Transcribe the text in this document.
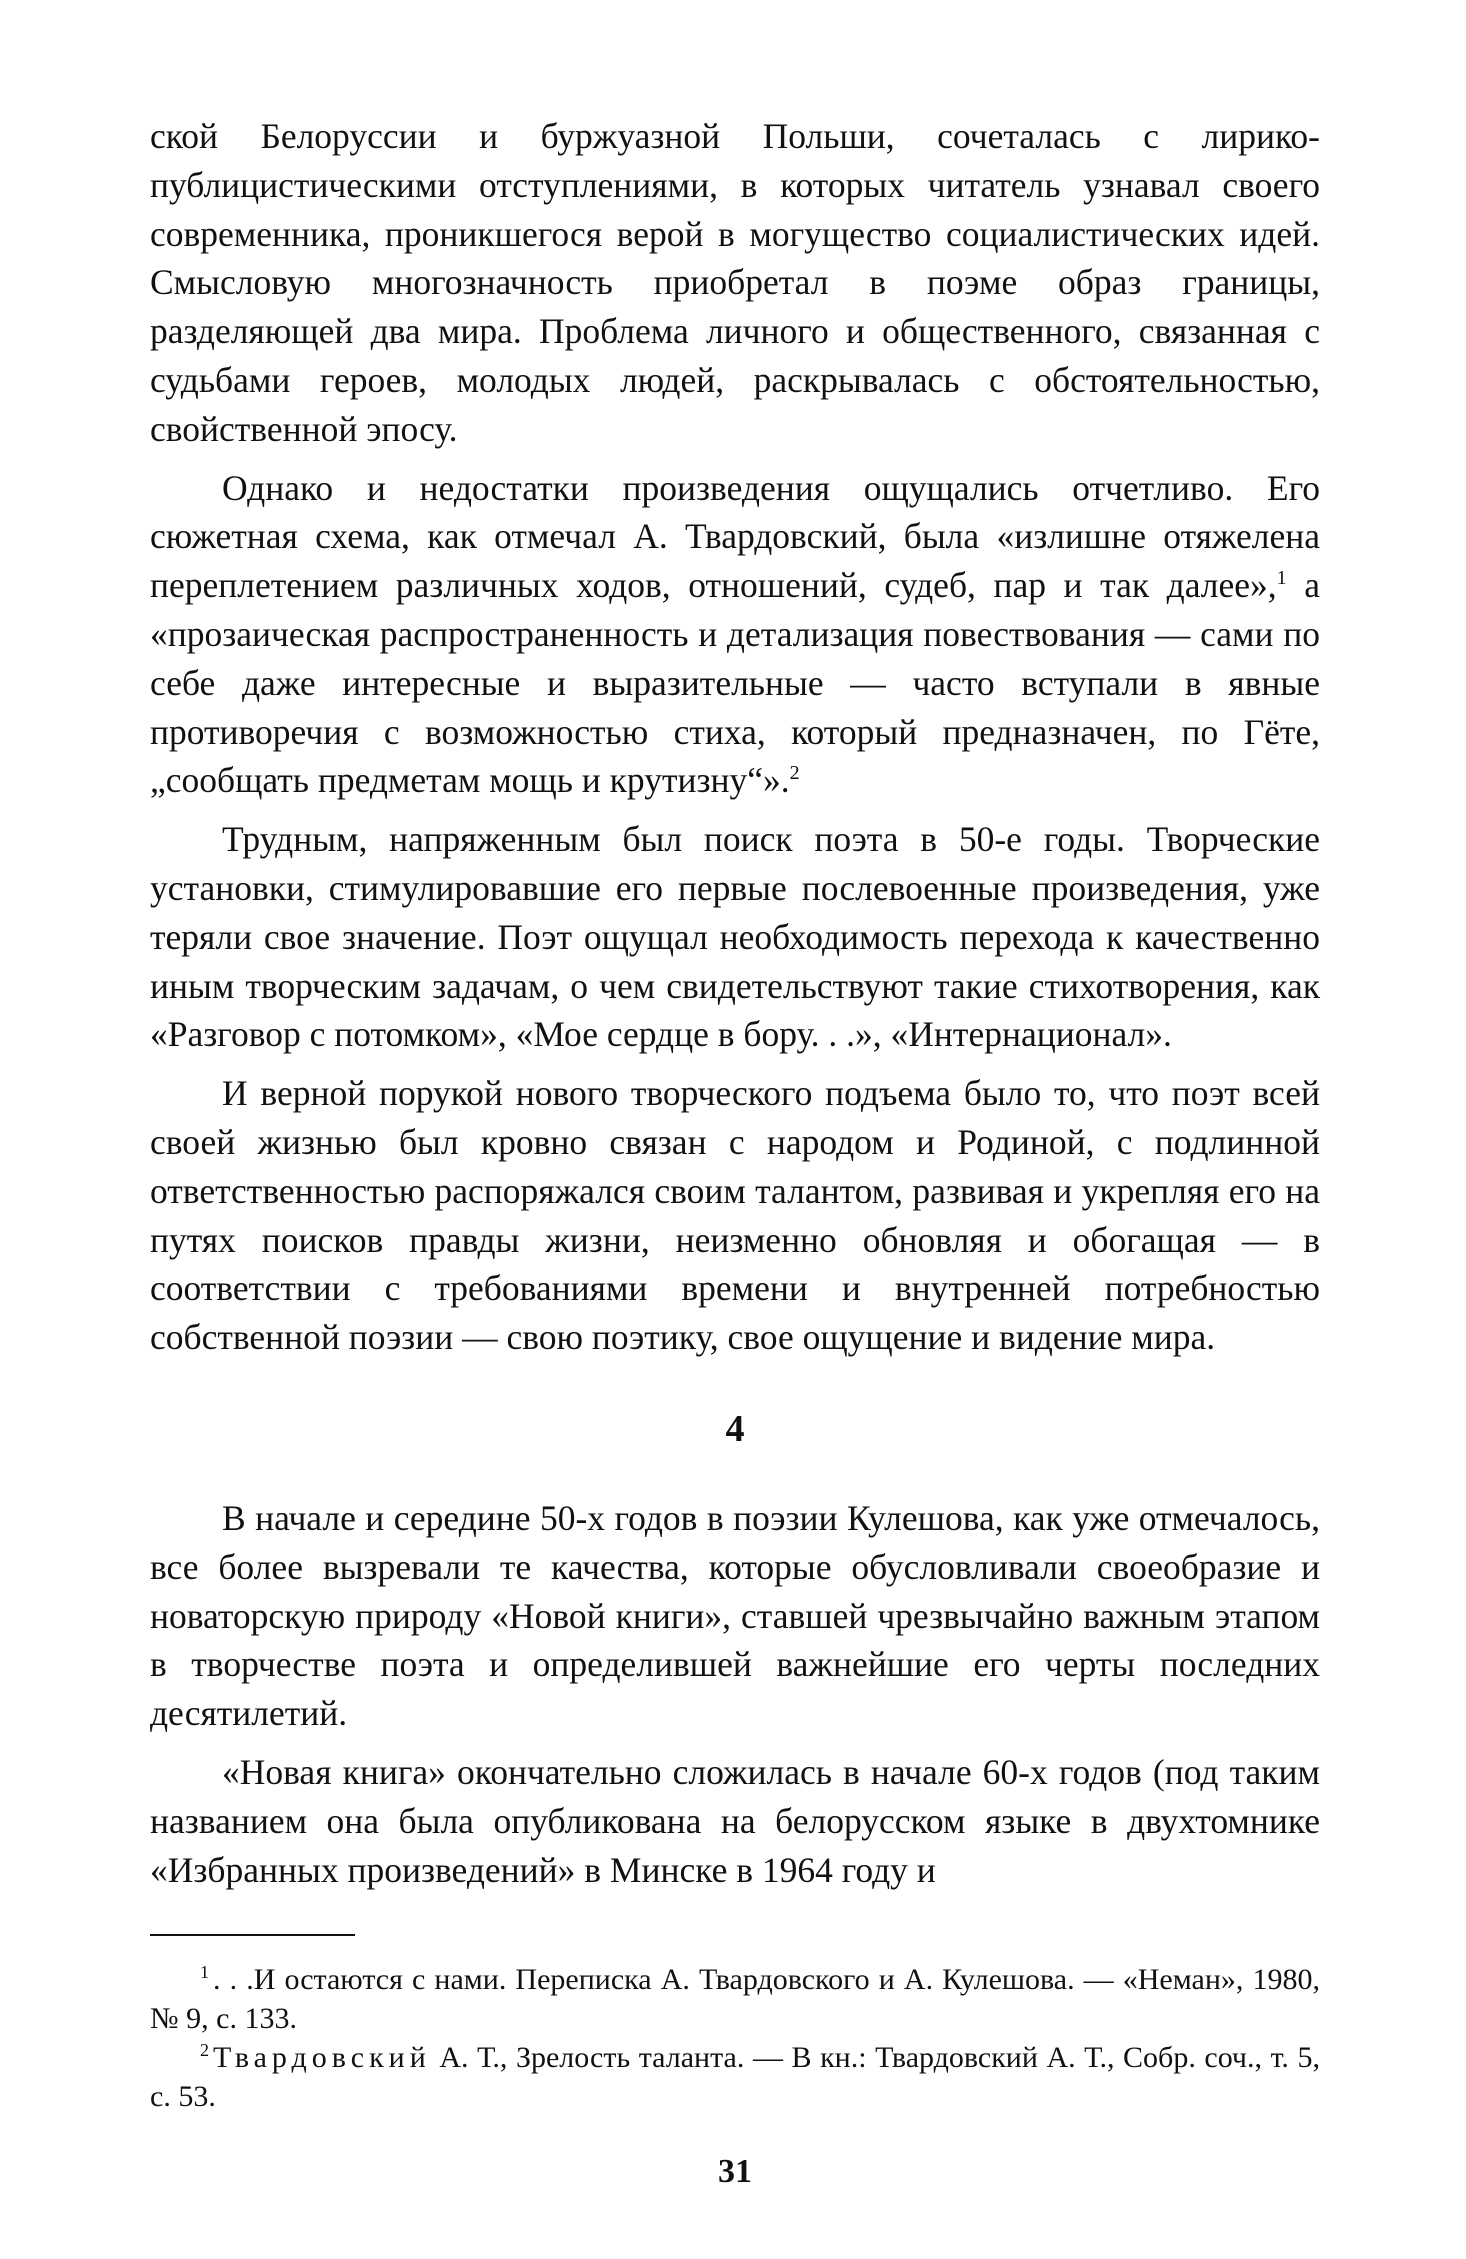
ской Белоруссии и буржуазной Польши, сочеталась с лирико-публицистическими отступлениями, в которых читатель узнавал своего современника, проникшегося верой в могущество социалистических идей. Смысловую многозначность приобретал в поэме образ границы, разделяющей два мира. Проблема личного и общественного, связанная с судьбами героев, молодых людей, раскрывалась с обстоятельностью, свойственной эпосу.

Однако и недостатки произведения ощущались отчетливо. Его сюжетная схема, как отмечал А. Твардовский, была «излишне отяжелена переплетением различных ходов, отношений, судеб, пар и так далее»,$^1$ а «прозаическая распространенность и детализация повествования — сами по себе даже интересные и выразительные — часто вступали в явные противоречия с возможностью стиха, который предназначен, по Гёте, „сообщать предметам мощь и крутизну“».$^2$

Трудным, напряженным был поиск поэта в 50-е годы. Творческие установки, стимулировавшие его первые послевоенные произведения, уже теряли свое значение. Поэт ощущал необходимость перехода к качественно иным творческим задачам, о чем свидетельствуют такие стихотворения, как «Разговор с потомком», «Мое сердце в бору. . .», «Интернационал».

И верной порукой нового творческого подъема было то, что поэт всей своей жизнью был кровно связан с народом и Родиной, с подлинной ответственностью распоряжался своим талантом, развивая и укрепляя его на путях поисков правды жизни, неизменно обновляя и обогащая — в соответствии с требованиями времени и внутренней потребностью собственной поэзии — свою поэтику, свое ощущение и видение мира.

4

В начале и середине 50-х годов в поэзии Кулешова, как уже отмечалось, все более вызревали те качества, которые обусловливали своеобразие и новаторскую природу «Новой книги», ставшей чрезвычайно важным этапом в творчестве поэта и определившей важнейшие его черты последних десятилетий.

«Новая книга» окончательно сложилась в начале 60-х годов (под таким названием она была опубликована на белорусском языке в двухтомнике «Избранных произведений» в Минске в 1964 году и

$^1$ . . .И остаются с нами. Переписка А. Твардовского и А. Кулешова. — «Неман», 1980, № 9, с. 133.

$^2$ Твардовский А. Т., Зрелость таланта. — В кн.: Твардовский А. Т., Собр. соч., т. 5, с. 53.

31
